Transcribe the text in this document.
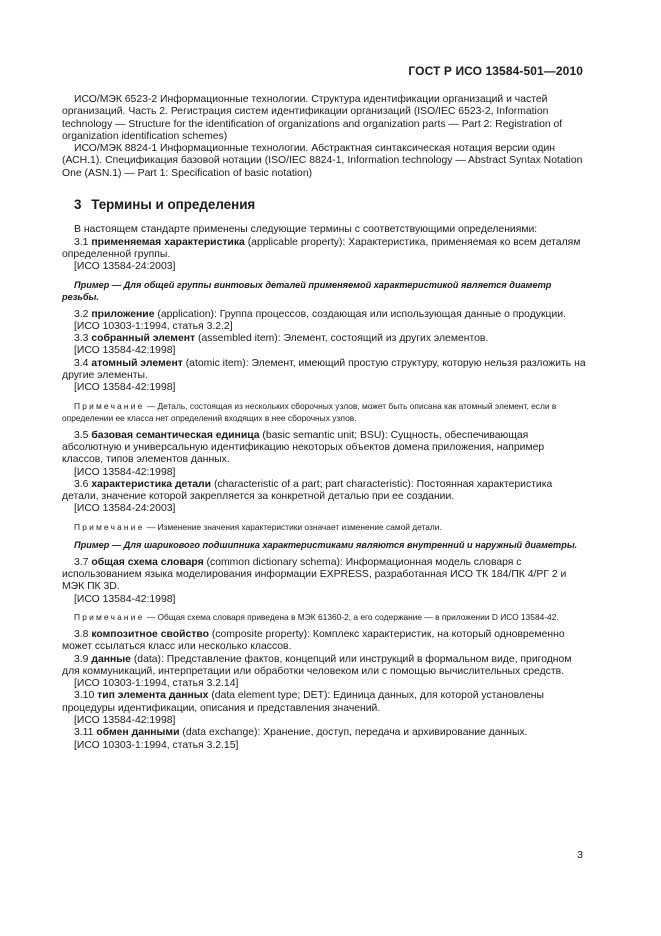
ГОСТ Р ИСО 13584-501—2010

ИСО/МЭК 6523-2 Информационные технологии. Структура идентификации организаций и частей организаций. Часть 2. Регистрация систем идентификации организаций (ISO/IEC 6523-2, Information technology — Structure for the identification of organizations and organization parts — Part 2: Registration of organization identification schemes)

ИСО/МЭК 8824-1 Информационные технологии. Абстрактная синтаксическая нотация версии один (АСН.1). Спецификация базовой нотации (ISO/IEC 8824-1, Information technology — Abstract Syntax Notation One (ASN.1) — Part 1: Specification of basic notation)

3 Термины и определения

В настоящем стандарте применены следующие термины с соответствующими определениями:

3.1 применяемая характеристика (applicable property): Характеристика, применяемая ко всем деталям определенной группы.

[ИСО 13584-24:2003]

Пример — Для общей группы винтовых деталей применяемой характеристикой является диаметр резьбы.

3.2 приложение (application): Группа процессов, создающая или использующая данные о продукции.

[ИСО 10303-1:1994, статья 3.2.2]

3.3 собранный элемент (assembled item): Элемент, состоящий из других элементов.

[ИСО 13584-42:1998]

3.4 атомный элемент (atomic item): Элемент, имеющий простую структуру, которую нельзя разложить на другие элементы.

[ИСО 13584-42:1998]

Примечание — Деталь, состоящая из нескольких сборочных узлов, может быть описана как атомный элемент, если в определении ее класса нет определений входящих в нее сборочных узлов.

3.5 базовая семантическая единица (basic semantic unit; BSU): Сущность, обеспечивающая абсолютную и универсальную идентификацию некоторых объектов домена приложения, например классов, типов элементов данных.

[ИСО 13584-42:1998]

3.6 характеристика детали (characteristic of a part; part characteristic): Постоянная характеристика детали, значение которой закрепляется за конкретной деталью при ее создании.

[ИСО 13584-24:2003]

Примечание — Изменение значения характеристики означает изменение самой детали.

Пример — Для шарикового подшипника характеристиками являются внутренний и наружный диаметры.

3.7 общая схема словаря (common dictionary schema): Информационная модель словаря с использованием языка моделирования информации EXPRESS, разработанная ИСО ТК 184/ПК 4/РГ 2 и МЭК ПК 3D.

[ИСО 13584-42:1998]

Примечание — Общая схема словаря приведена в МЭК 61360-2, а его содержание — в приложении D ИСО 13584-42.

3.8 композитное свойство (composite property): Комплекс характеристик, на который одновременно может ссылаться класс или несколько классов.

3.9 данные (data): Представление фактов, концепций или инструкций в формальном виде, пригодном для коммуникаций, интерпретации или обработки человеком или с помощью вычислительных средств.

[ИСО 10303-1:1994, статья 3.2.14]

3.10 тип элемента данных (data element type; DET): Единица данных, для которой установлены процедуры идентификации, описания и представления значений.

[ИСО 13584-42:1998]

3.11 обмен данными (data exchange): Хранение, доступ, передача и архивирование данных.

[ИСО 10303-1:1994, статья 3.2.15]

3
